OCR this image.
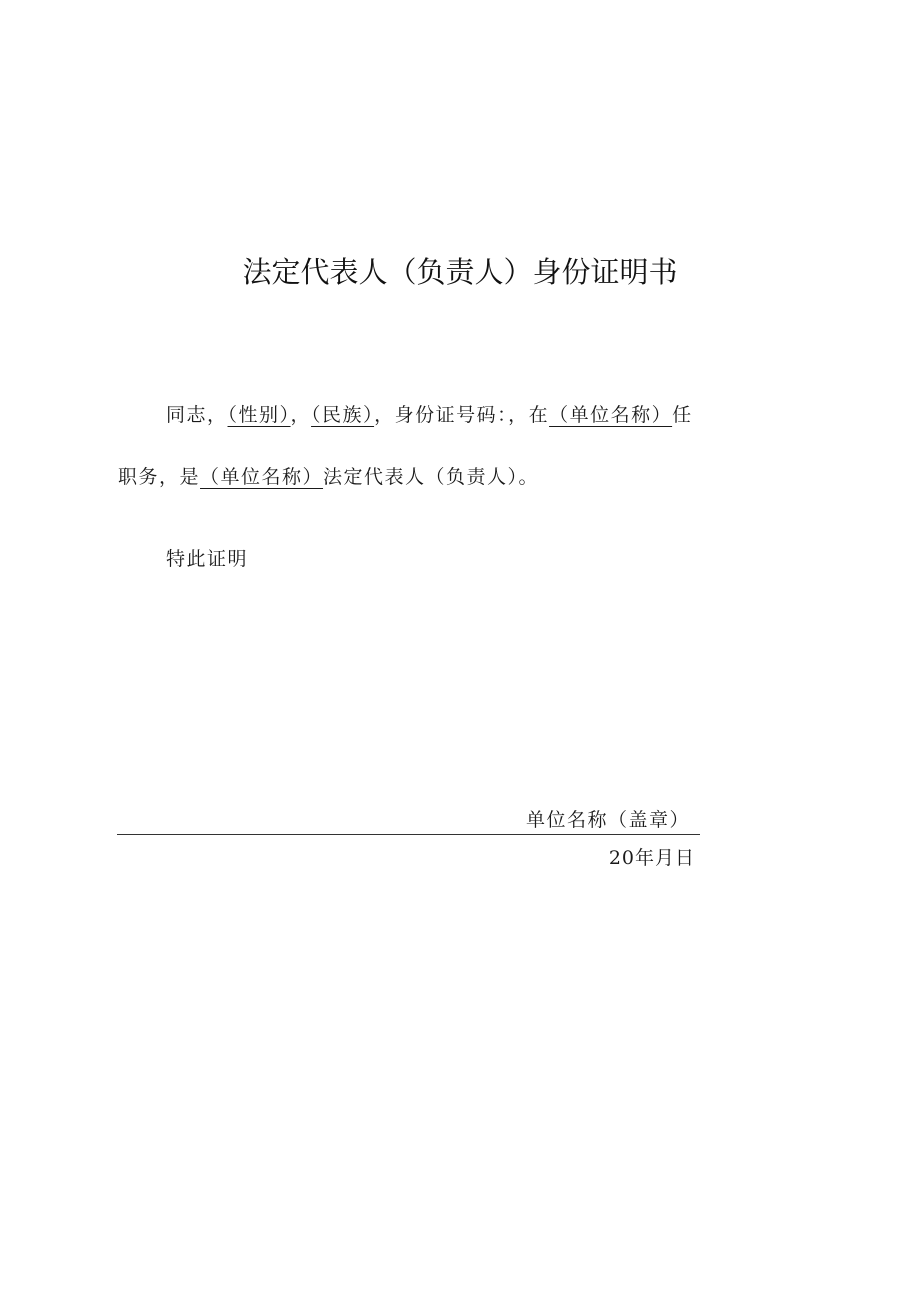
法定代表人（负责人）身份证明书
同志，（性别），（民族），身份证号码：，在（单位名称）任
职务，是（单位名称）法定代表人（负责人）。
特此证明
单位名称（盖章）
20年月日
